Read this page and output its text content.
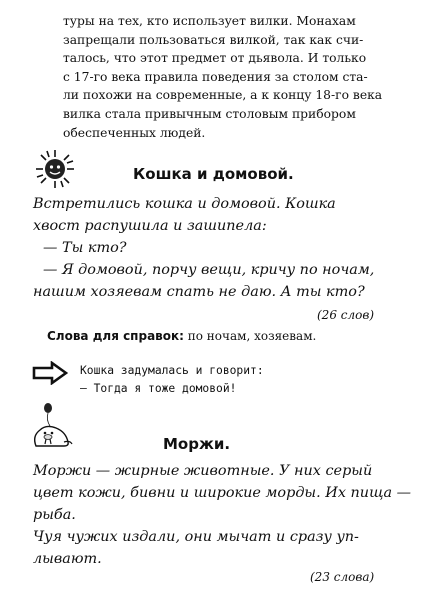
туры на тех, кто использует вилки. Монахам
запрещали пользоваться вилкой, так как счи-
талось, что этот предмет от дьявола. И только
с 17-го века правила поведения за столом ста-
ли похожи на современные, а к концу 18-го века
вилка стала привычным столовым прибором
обеспеченных людей.
Кошка и домовой.
Встретились кошка и домовой. Кошка
хвост распушила и зашипела:
— Ты кто?
— Я домовой, порчу вещи, кричу по ночам,
нашим хозяевам спать не даю. А ты кто?
(26 слов)
Слова для справок: по ночам, хозяевам.
Кошка задумалась и говорит:
— Тогда я тоже домовой!
Моржи.
Моржи — жирные животные. У них серый
цвет кожи, бивни и широкие морды. Их пища —
рыба.
Чуя чужих издали, они мычат и сразу уп-
лывают.
(23 слова)
